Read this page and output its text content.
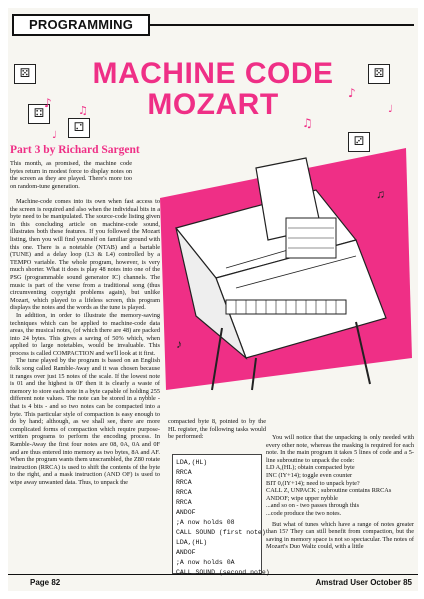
PROGRAMMING
⚄
⚃
⚁
⚄
⚂
♪
♫
♩
♪
♫
♩
MACHINE CODE
MOZART
Part 3 by Richard Sargent

This month, as promised, the machine code bytes return in modest force to display notes on the screen as they are played. There's more too on random-tune generation.

Machine-code comes into its own when fast access to the screen is required and also when the individual bits in a byte need to be manipulated. The source-code listing given in this concluding article on machine-code sound, illustrates both these features. If you followed the Mozart listing, then you will find yourself on familiar ground with this one. There is a notetable (NTAB) and a bartable (TUNE) and a delay loop (L3 & L4) controlled by a TEMPO variable. The whole program, however, is very much shorter. What it does is play 48 notes into one of the PSG (programmable sound generator IC) channels. The music is part of the verse from a traditional song (thus circumventing copyright problems again), but unlike Mozart, which played to a lifeless screen, this program displays the notes and the words as the tune is played.

In addition, in order to illustrate the memory-saving techniques which can be applied to machine-code data areas, the musical notes, (of which there are 48) are packed into 24 bytes. This gives a saving of 50% which, when applied to large notetables, would be invaluable. This process is called COMPACTION and we'll look at it first.

The tune played by the program is based on an English folk song called Ramble-Away and it was chosen because it ranges over just 15 notes of the scale. If the lowest note is 01 and the highest is 0F then it is clearly a waste of memory to store each note in a byte capable of holding 255 different note values. The note can be stored in a nybble - that is 4 bits - and so two notes can be compacted into a byte. This particular style of compaction is easy enough to do by hand; although, as we shall see, there are more complicated forms of compaction which require purpose-written programs to perform the encoding process. In Ramble-Away the first four notes are 08, 0A, 0A and 0F and are thus entered into memory as two bytes, 8A and AF. When the program wants them unscrambled, the Z80 rotate instruction (RRCA) is used to shift the contents of the byte to the right, and a mask instruction (AND OF) is used to wipe away unwanted data. Thus, to unpack the

♪
♫

compacted byte 8, pointed to by the HL register, the following tasks would be performed:

LDA,(HL)
RRCA
RRCA
RRCA
RRCA
ANDOF
;A now holds 08
CALL SOUND (first note)
LDA,(HL)
ANDOF
;A now holds 0A
CALL SOUND (second note)

You will notice that the unpacking is only needed with every other note, whereas the masking is required for each note. In the main program it takes 5 lines of code and a 5-line subroutine to unpack the code:

LD A,(HL); obtain compacted byte

INC (IY+14); toggle even counter

BIT 0,(IY+14); need to unpack byte?

CALL Z, UNPACK ; subroutine contains RRCAs

ANDOF; wipe upper nybble

...and so on - two passes through this

...code produce the two notes.

But what of tunes which have a range of notes greater than 15? They can still benefit from compaction, but the saving in memory space is not so spectacular. The notes of Mozart's Duo Waltz could, with a little

Page 82	Amstrad User October 85
